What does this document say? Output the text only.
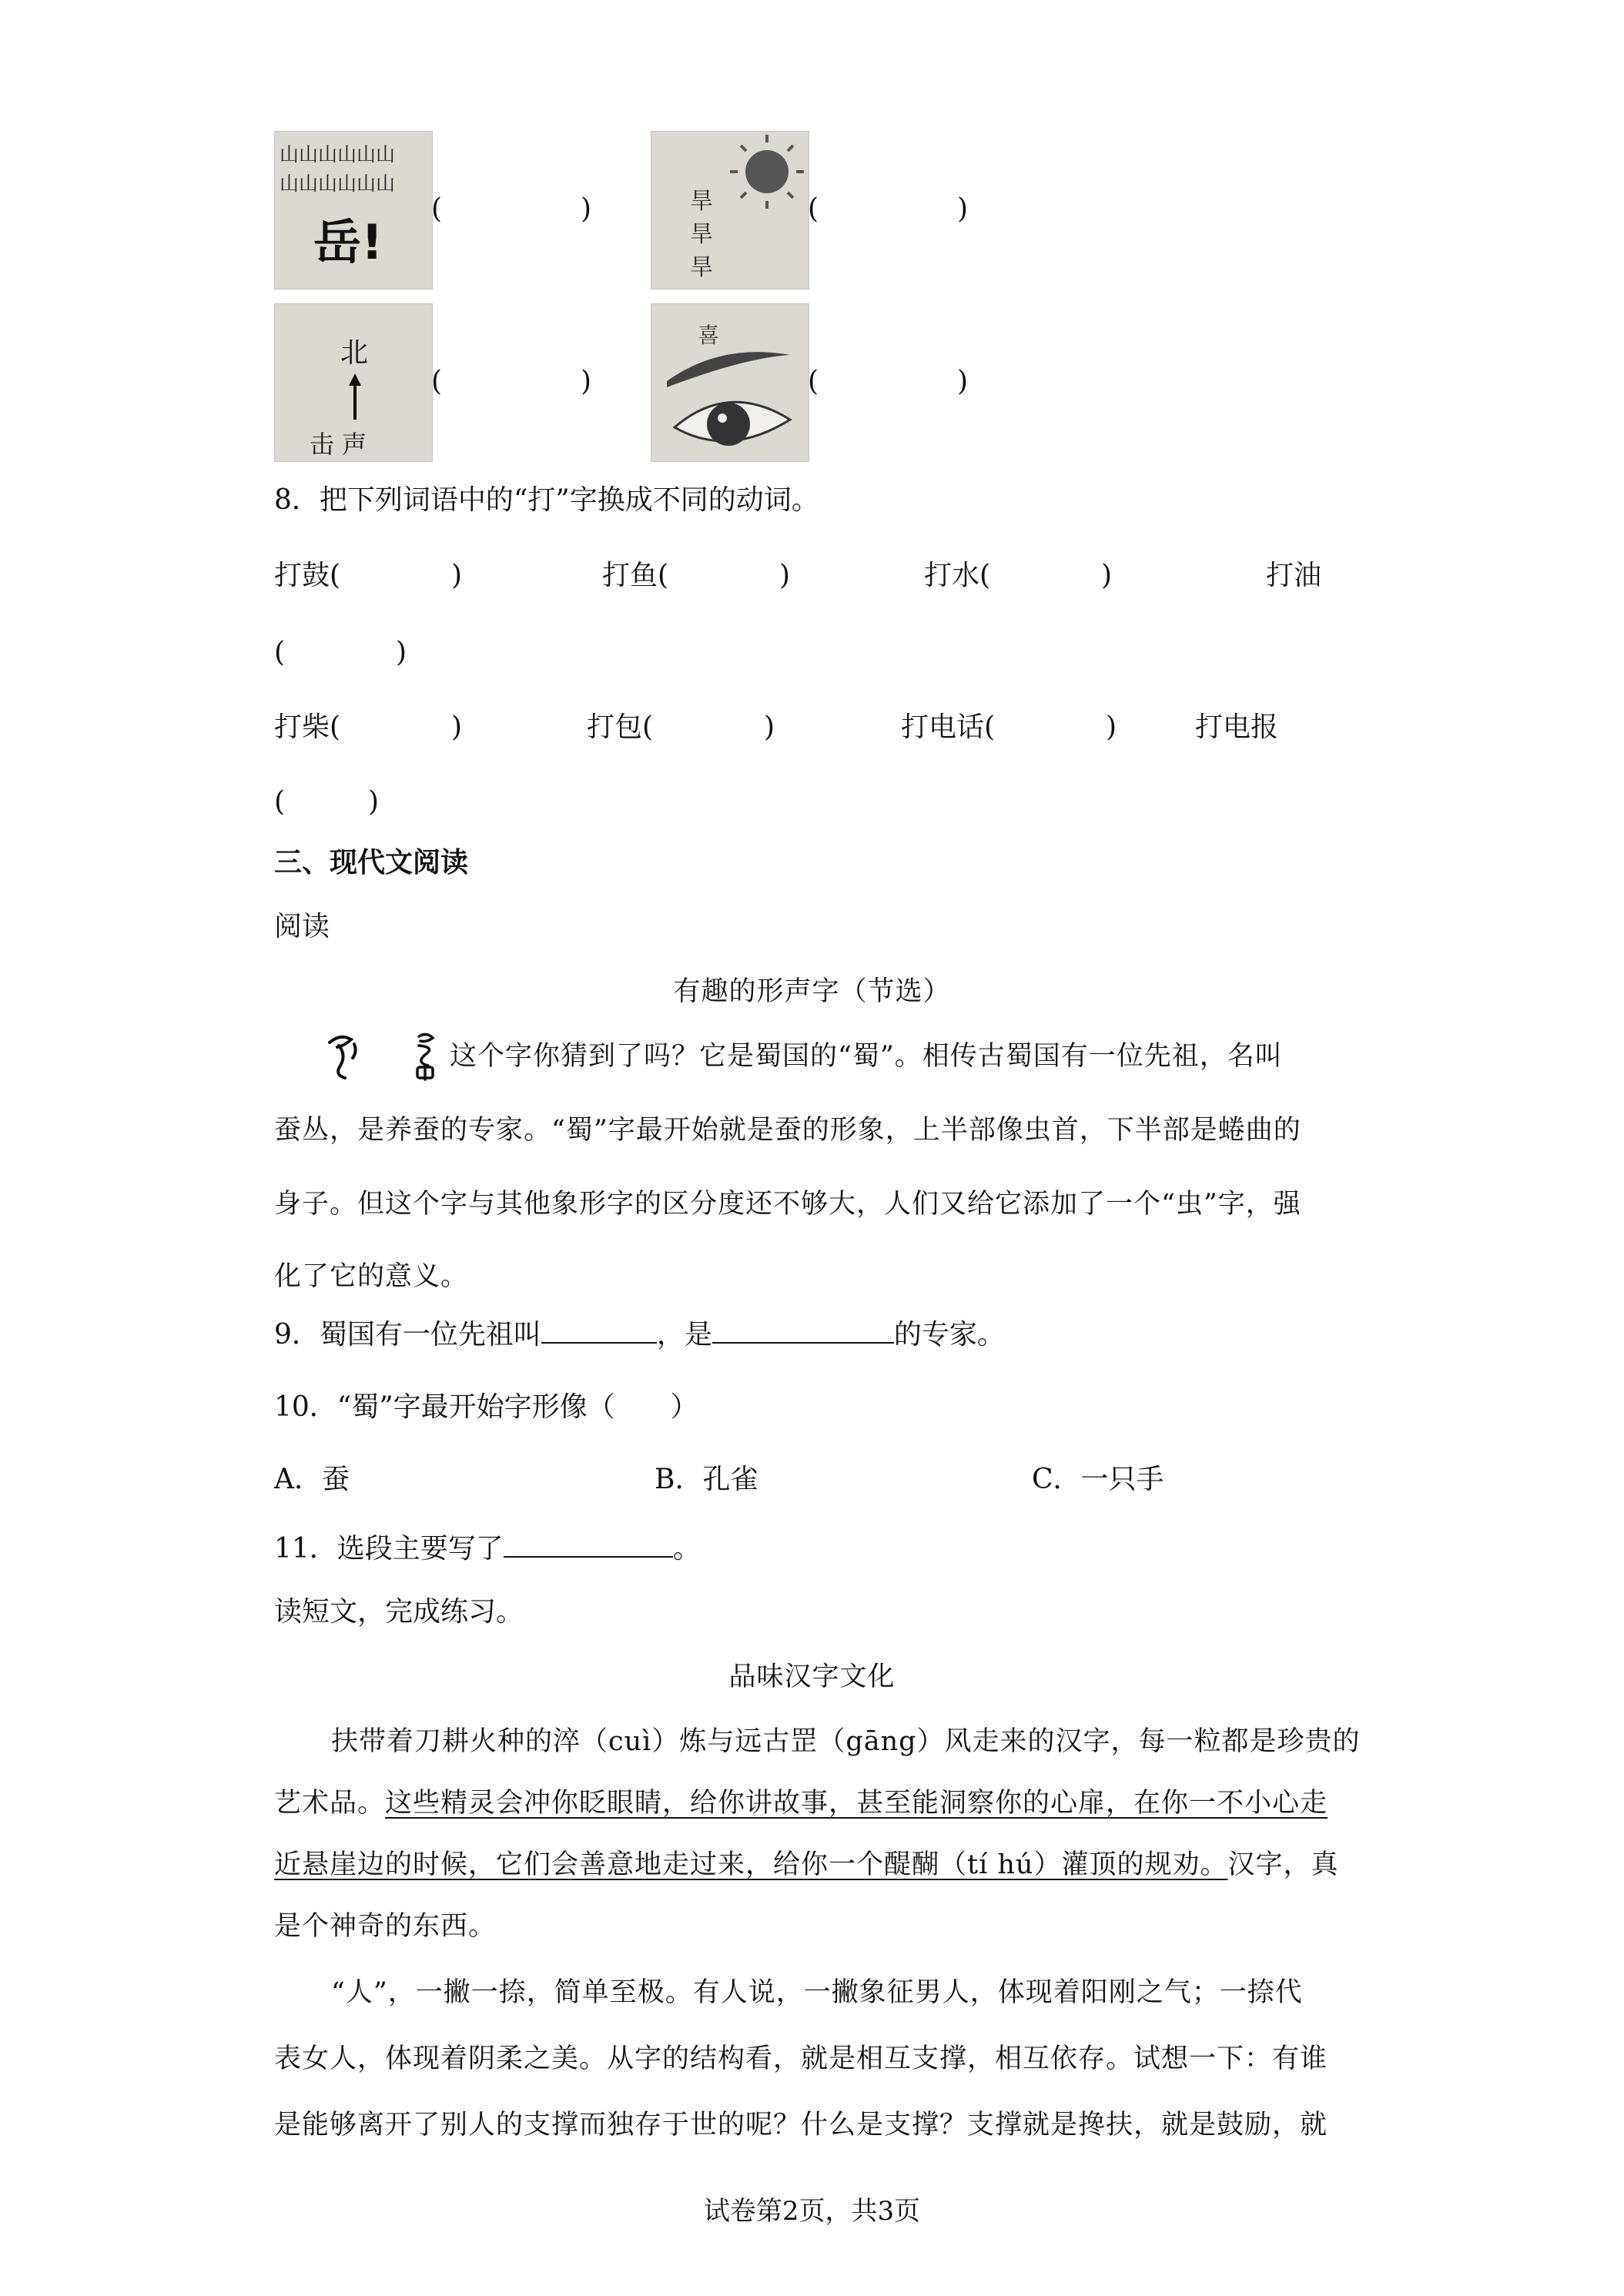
山山山山山山
山山山山山山
岳!
(　　　　　)	旱
旱
旱
(　　　　　)
北
击 声
(　　　　　)
喜
(　　　　　)
8．把下列词语中的“打”字换成不同的动词。
打鼓(　　　　)	打鱼(　　　　)	打水(　　　　)	打油
(　　　　)
打柴(　　　　)	打包(　　　　)	打电话(　　　　)	打电报
(　　　)
三、现代文阅读
阅读
有趣的形声字（节选）
这个字你猜到了吗？它是蜀国的“蜀”。相传古蜀国有一位先祖，名叫
蚕丛，是养蚕的专家。“蜀”字最开始就是蚕的形象，上半部像虫首，下半部是蜷曲的
身子。但这个字与其他象形字的区分度还不够大，人们又给它添加了一个“虫”字，强
化了它的意义。
9．蜀国有一位先祖叫	，是	的专家。
10．“蜀”字最开始字形像（　　）
A．蚕	B．孔雀	C．一只手
11．选段主要写了	。
读短文，完成练习。
品味汉字文化
扶带着刀耕火种的淬（cuì）炼与远古罡（gāng）风走来的汉字，每一粒都是珍贵的
艺术品。这些精灵会冲你眨眼睛，给你讲故事，甚至能洞察你的心扉，在你一不小心走
近悬崖边的时候，它们会善意地走过来，给你一个醍醐（tí hú）灌顶的规劝。汉字，真
是个神奇的东西。
“人”，一撇一捺，简单至极。有人说，一撇象征男人，体现着阳刚之气；一捺代
表女人，体现着阴柔之美。从字的结构看，就是相互支撑，相互依存。试想一下：有谁
是能够离开了别人的支撑而独存于世的呢？什么是支撑？支撑就是搀扶，就是鼓励，就
试卷第2页，共3页
